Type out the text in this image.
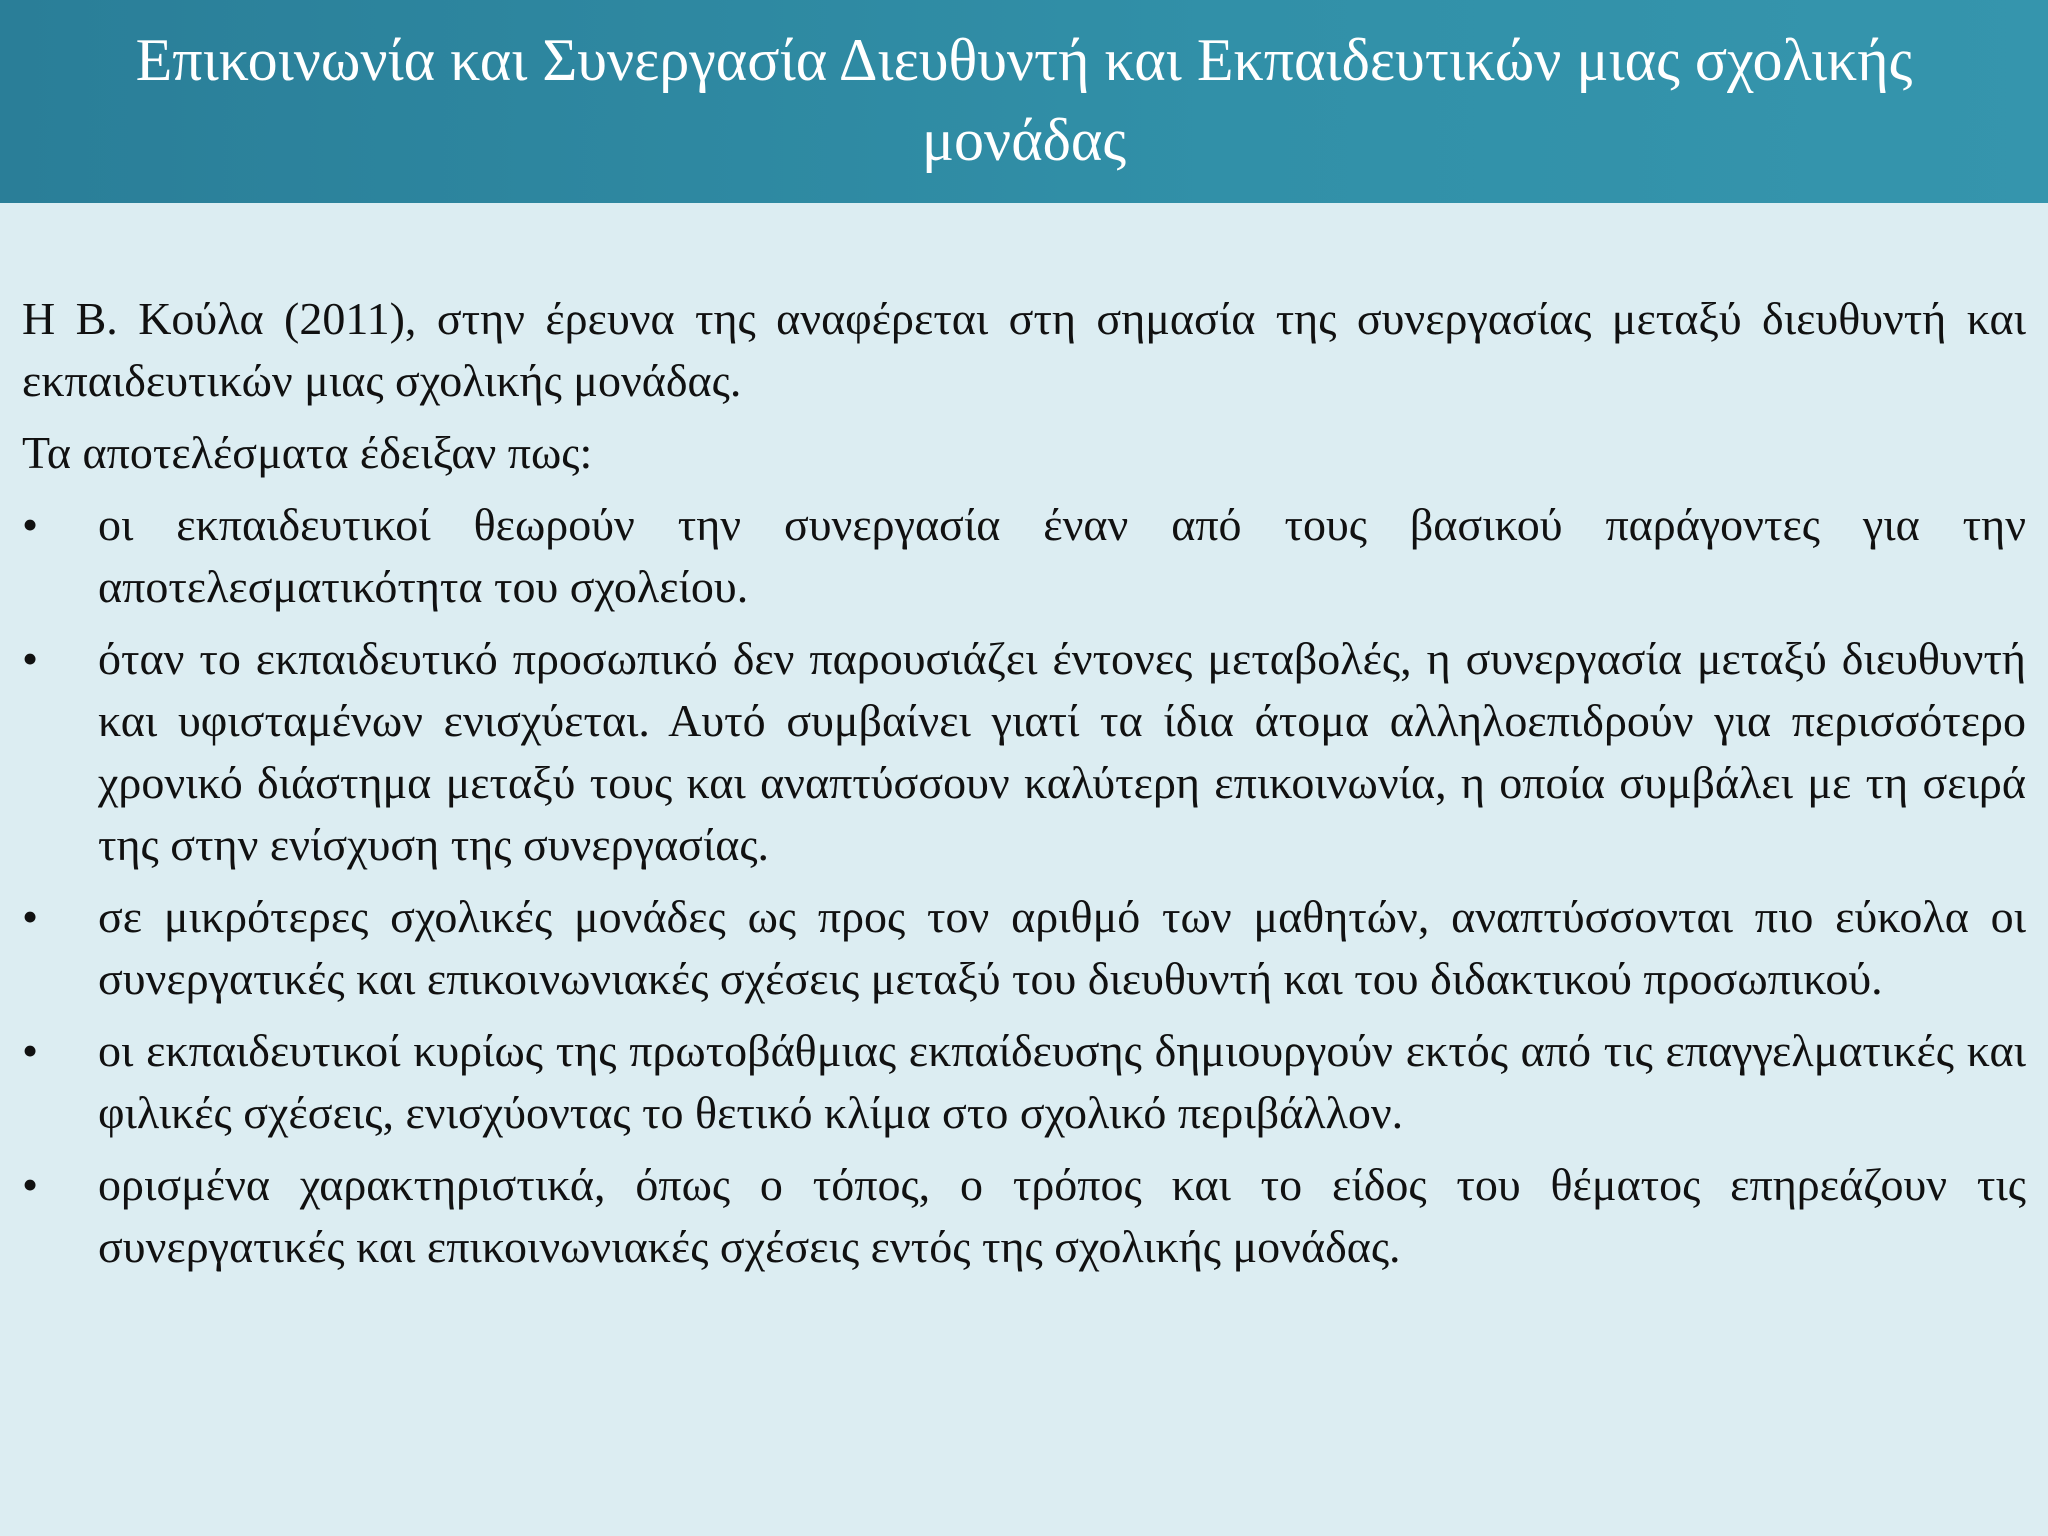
Επικοινωνία και Συνεργασία Διευθυντή και Εκπαιδευτικών μιας σχολικής μονάδας

Η Β. Κούλα (2011), στην έρευνα της αναφέρεται στη σημασία της συνεργασίας μεταξύ διευθυντή και εκπαιδευτικών μιας σχολικής μονάδας.

Τα αποτελέσματα έδειξαν πως:

•	οι εκπαιδευτικοί θεωρούν την συνεργασία έναν από τους βασικού παράγοντες για την αποτελεσματικότητα του σχολείου.
•	όταν το εκπαιδευτικό προσωπικό δεν παρουσιάζει έντονες μεταβολές, η συνεργασία μεταξύ διευθυντή και υφισταμένων ενισχύεται. Αυτό συμβαίνει γιατί τα ίδια άτομα αλληλοεπιδρούν για περισσότερο χρονικό διάστημα μεταξύ τους και αναπτύσσουν καλύτερη επικοινωνία, η οποία συμβάλει με τη σειρά της στην ενίσχυση της συνεργασίας.
•	σε μικρότερες σχολικές μονάδες ως προς τον αριθμό των μαθητών, αναπτύσσονται πιο εύκολα οι συνεργατικές και επικοινωνιακές σχέσεις μεταξύ του διευθυντή και του διδακτικού προσωπικού.
•	οι εκπαιδευτικοί κυρίως της πρωτοβάθμιας εκπαίδευσης δημιουργούν εκτός από τις επαγγελματικές και φιλικές σχέσεις, ενισχύοντας το θετικό κλίμα στο σχολικό περιβάλλον.
•	ορισμένα χαρακτηριστικά, όπως ο τόπος, ο τρόπος και το είδος του θέματος επηρεάζουν τις συνεργατικές και επικοινωνιακές σχέσεις εντός της σχολικής μονάδας.
